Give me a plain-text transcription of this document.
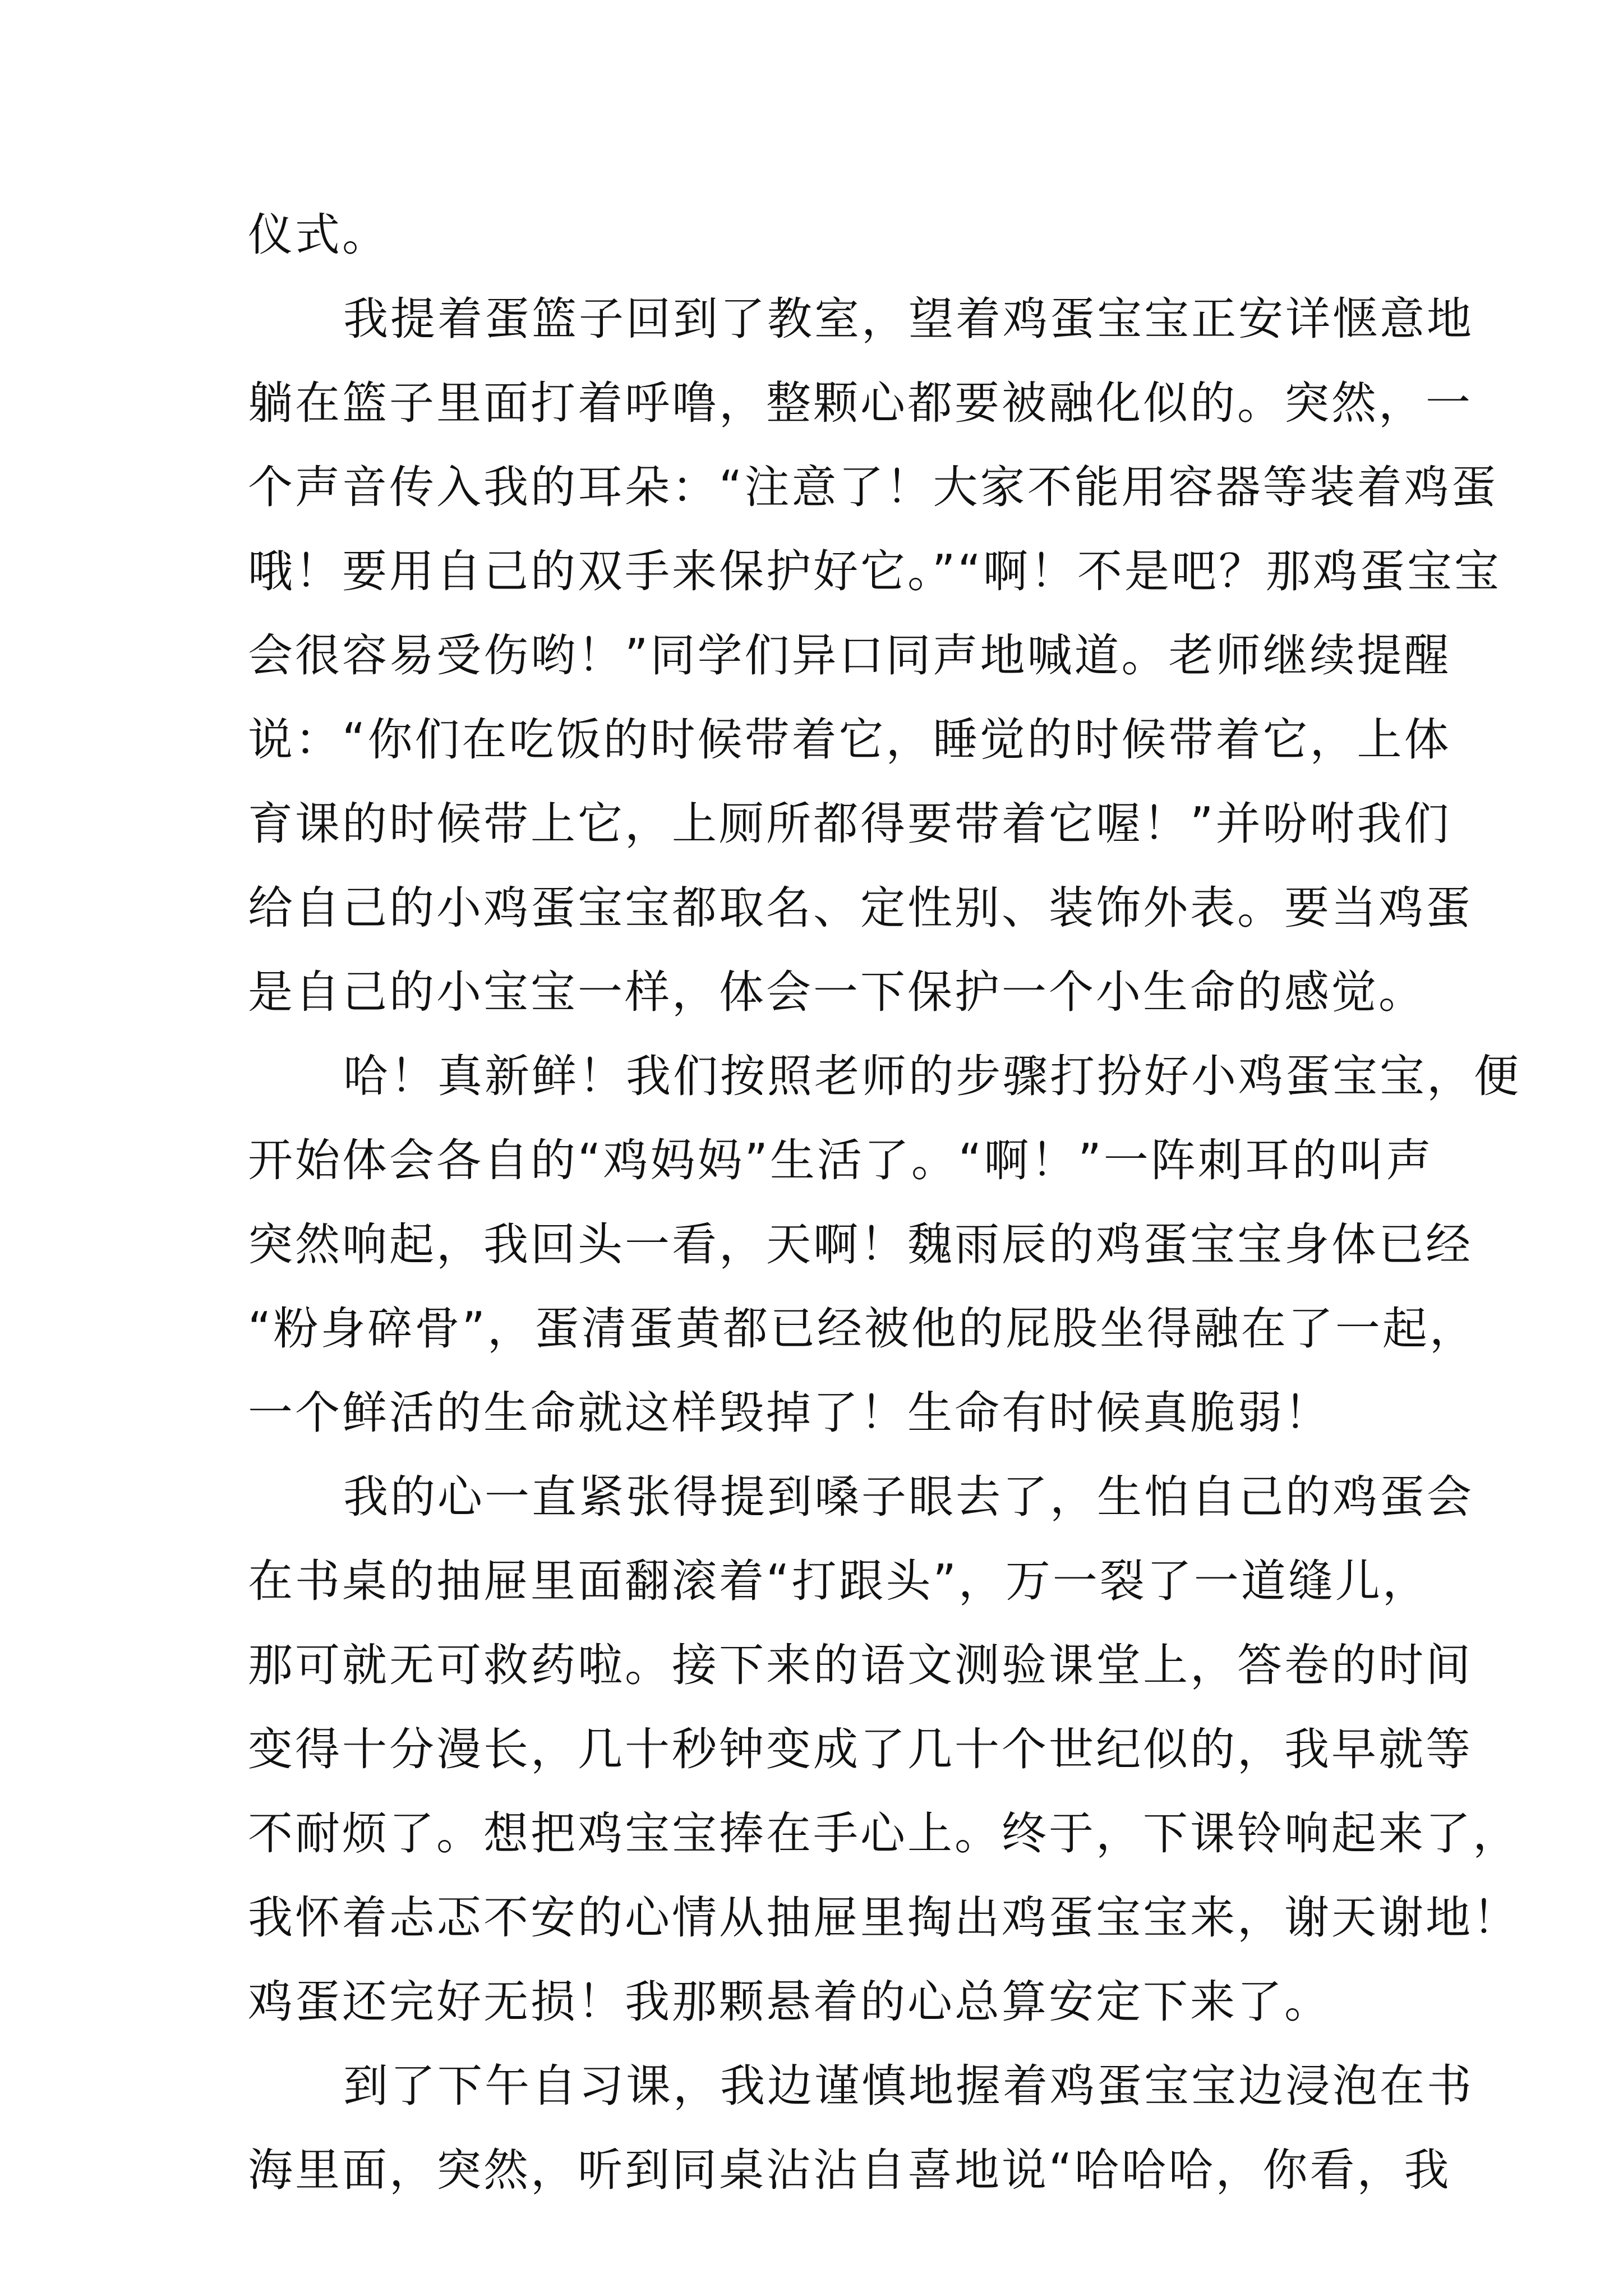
仪式。
我提着蛋篮子回到了教室，望着鸡蛋宝宝正安详惬意地
躺在篮子里面打着呼噜，整颗心都要被融化似的。突然，一
个声音传入我的耳朵：“注意了！大家不能用容器等装着鸡蛋
哦！要用自己的双手来保护好它。”“啊！不是吧？那鸡蛋宝宝
会很容易受伤哟！”同学们异口同声地喊道。老师继续提醒
说：“你们在吃饭的时候带着它，睡觉的时候带着它，上体
育课的时候带上它，上厕所都得要带着它喔！”并吩咐我们
给自己的小鸡蛋宝宝都取名、定性别、装饰外表。要当鸡蛋
是自己的小宝宝一样，体会一下保护一个小生命的感觉。
哈！真新鲜！我们按照老师的步骤打扮好小鸡蛋宝宝，便
开始体会各自的“鸡妈妈”生活了。“啊！”一阵刺耳的叫声
突然响起，我回头一看，天啊！魏雨辰的鸡蛋宝宝身体已经
“粉身碎骨”，蛋清蛋黄都已经被他的屁股坐得融在了一起，
一个鲜活的生命就这样毁掉了！生命有时候真脆弱！
我的心一直紧张得提到嗓子眼去了，生怕自己的鸡蛋会
在书桌的抽屉里面翻滚着“打跟头”，万一裂了一道缝儿，
那可就无可救药啦。接下来的语文测验课堂上，答卷的时间
变得十分漫长，几十秒钟变成了几十个世纪似的，我早就等
不耐烦了。想把鸡宝宝捧在手心上。终于，下课铃响起来了，
我怀着忐忑不安的心情从抽屉里掏出鸡蛋宝宝来，谢天谢地！
鸡蛋还完好无损！我那颗悬着的心总算安定下来了。
到了下午自习课，我边谨慎地握着鸡蛋宝宝边浸泡在书
海里面，突然，听到同桌沾沾自喜地说“哈哈哈，你看，我
